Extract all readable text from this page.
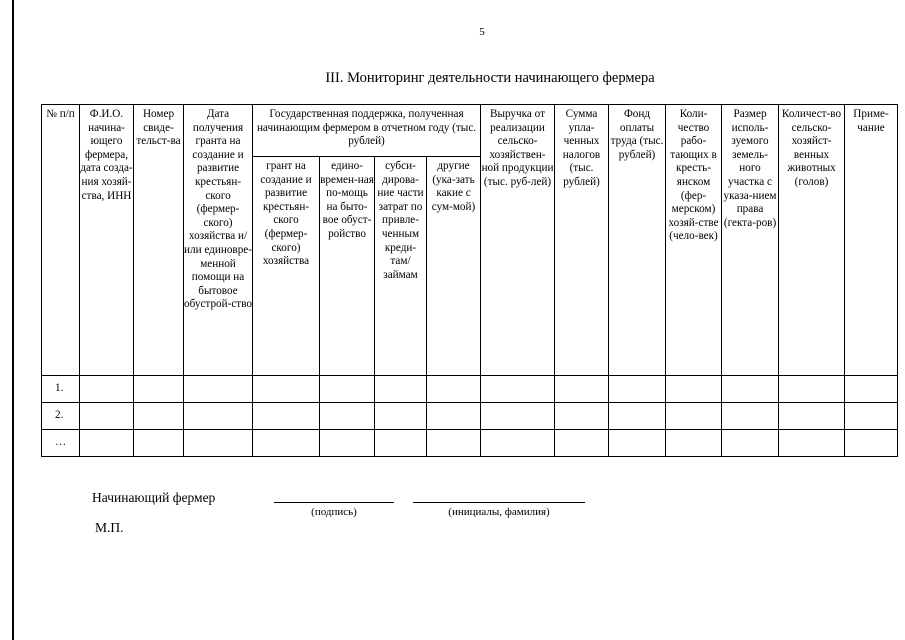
5
III. Мониторинг деятельности начинающего фермера
№ п/п	Ф.И.О. начина-ющего фермера, дата созда-ния хозяй-ства, ИНН	Номер свиде-тельст-ва	Дата получения гранта на создание и развитие крестьян-ского (фермер-ского) хозяйства и/или единовре-менной помощи на бытовое обустрой-ство	Государственная поддержка, полученная начинающим фермером в отчетном году (тыс. рублей)				Выручка от реализации сельско-хозяйствен-ной продукции (тыс. руб-лей)	Сумма упла-ченных налогов (тыс. рублей)	Фонд оплаты труда (тыс. рублей)	Коли-чество рабо-тающих в кресть-янском (фер-мерском) хозяй-стве (чело-век)	Размер исполь-зуемого земель-ного участка с указа-нием права (гекта-ров)	Количест-во сельско-хозяйст-венных животных (голов)	Приме-чание

				грант на создание и развитие крестьян-ского (фермер-ского) хозяйства	едино-времен-ная по-мощь на быто-вое обуст-ройство	субси-дирова-ние части затрат по привле-ченным креди-там/ займам	другие (ука-зать какие с сум-мой)							

1.														
2.														
…														
Начинающий фермер
(подпись)	(инициалы, фамилия)
М.П.
